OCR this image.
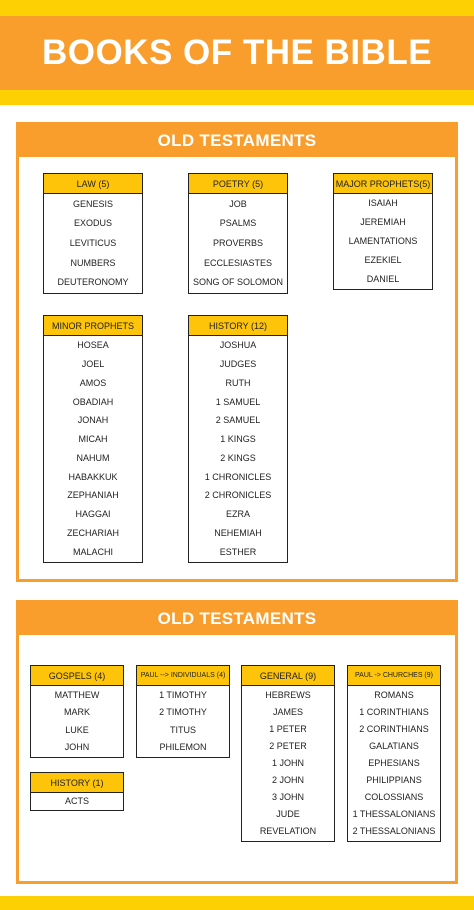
BOOKS OF THE BIBLE
OLD TESTAMENTS
LAW (5)
GENESIS
EXODUS
LEVITICUS
NUMBERS
DEUTERONOMY
POETRY (5)
JOB
PSALMS
PROVERBS
ECCLESIASTES
SONG OF SOLOMON
MAJOR PROPHETS(5)
ISAIAH
JEREMIAH
LAMENTATIONS
EZEKIEL
DANIEL
MINOR PROPHETS
HOSEA
JOEL
AMOS
OBADIAH
JONAH
MICAH
NAHUM
HABAKKUK
ZEPHANIAH
HAGGAI
ZECHARIAH
MALACHI
HISTORY (12)
JOSHUA
JUDGES
RUTH
1 SAMUEL
2 SAMUEL
1 KINGS
2 KINGS
1 CHRONICLES
2 CHRONICLES
EZRA
NEHEMIAH
ESTHER
OLD TESTAMENTS
GOSPELS (4)
MATTHEW
MARK
LUKE
JOHN
PAUL --> INDIVIDUALS (4)
1 TIMOTHY
2 TIMOTHY
TITUS
PHILEMON
GENERAL (9)
HEBREWS
JAMES
1 PETER
2 PETER
1 JOHN
2 JOHN
3 JOHN
JUDE
REVELATION
PAUL -> CHURCHES (9)
ROMANS
1 CORINTHIANS
2 CORINTHIANS
GALATIANS
EPHESIANS
PHILIPPIANS
COLOSSIANS
1 THESSALONIANS
2 THESSALONIANS
HISTORY (1)
ACTS
